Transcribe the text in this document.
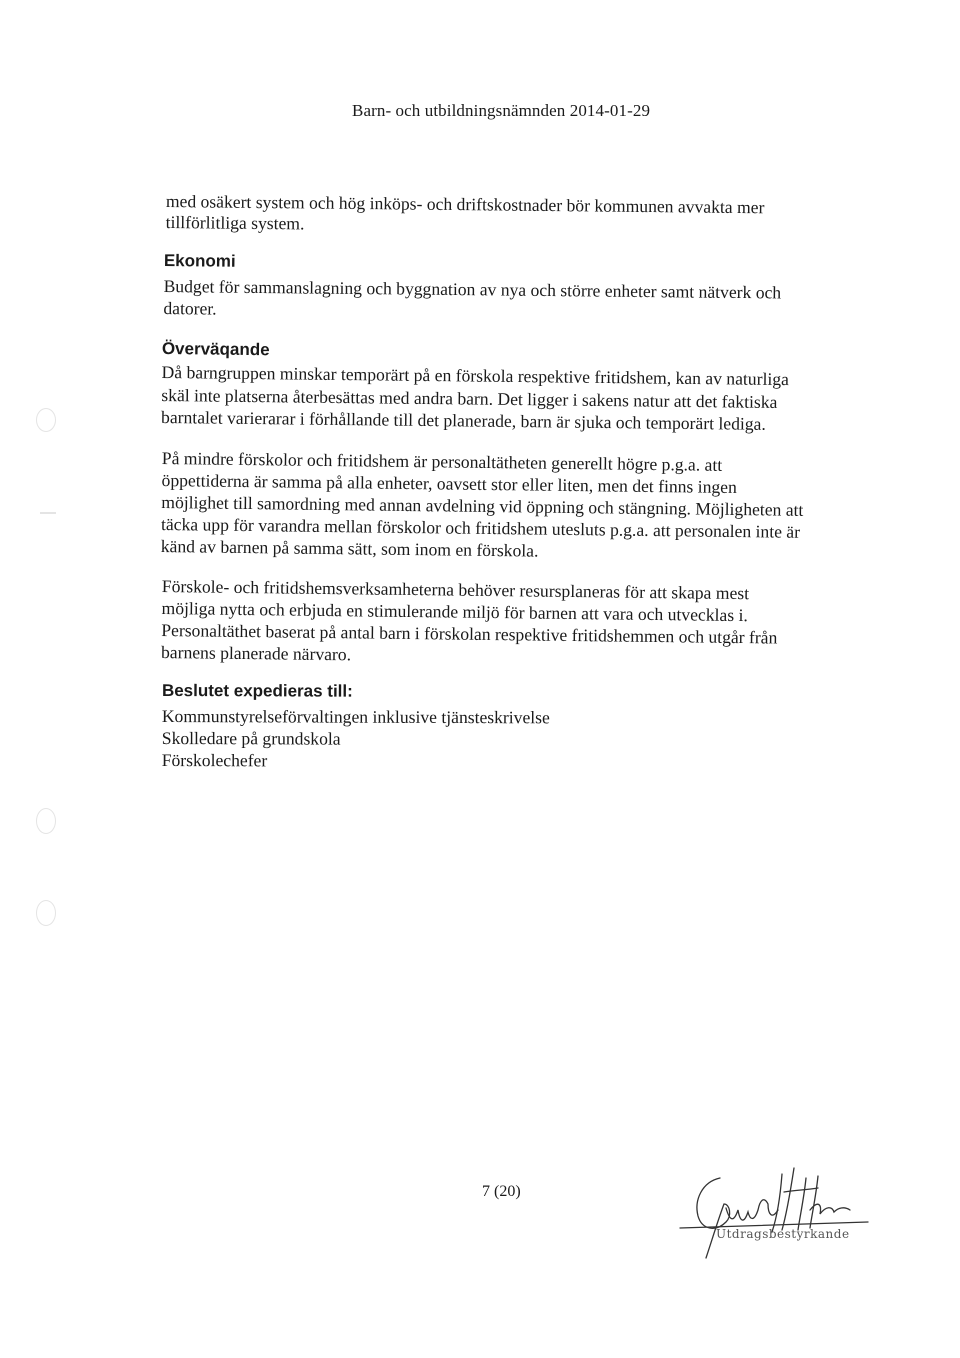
Barn- och utbildningsnämnden 2014-01-29
med osäkert system och hög inköps- och driftskostnader bör kommunen avvakta mer
tillförlitliga system.
Ekonomi
Budget för sammanslagning och byggnation av nya och större enheter samt nätverk och
datorer.
Överväqande
Då barngruppen minskar temporärt på en förskola respektive fritidshem, kan av naturliga
skäl inte platserna återbesättas med andra barn. Det ligger i sakens natur att det faktiska
barntalet varierarar i förhållande till det planerade, barn är sjuka och temporärt lediga.
På mindre förskolor och fritidshem är personaltätheten generellt högre p.g.a. att
öppettiderna är samma på alla enheter, oavsett stor eller liten, men det finns ingen
möjlighet till samordning med annan avdelning vid öppning och stängning. Möjligheten att
täcka upp för varandra mellan förskolor och fritidshem utesluts p.g.a. att personalen inte är
känd av barnen på samma sätt, som inom en förskola.
Förskole- och fritidshemsverksamheterna behöver resursplaneras för att skapa mest
möjliga nytta och erbjuda en stimulerande miljö för barnen att vara och utvecklas i.
Personaltäthet baserat på antal barn i förskolan respektive fritidshemmen och utgår från
barnens planerade närvaro.
Beslutet expedieras till:
Kommunstyrelseförvaltingen inklusive tjänsteskrivelse
Skolledare på grundskola
Förskolechefer
7 (20)
Utdragsbestyrkande
